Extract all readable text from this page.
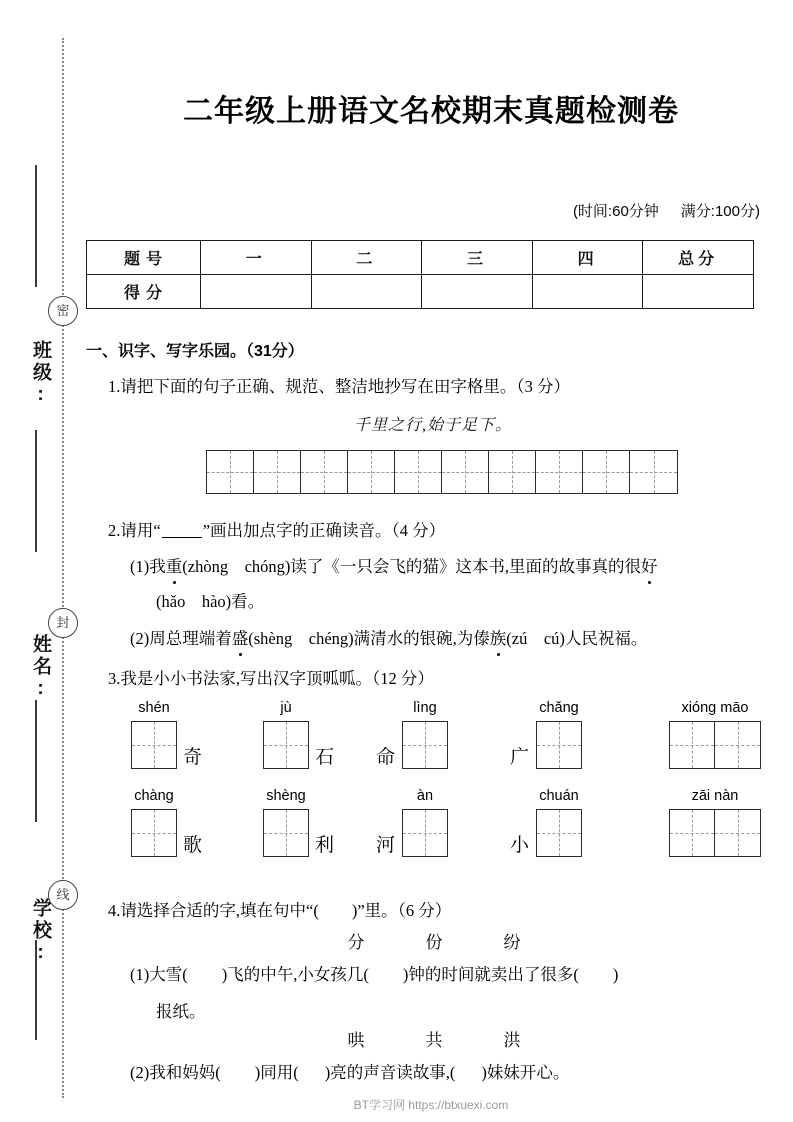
密
封
线
班级:
姓名:
学校:
二年级上册语文名校期末真题检测卷
(时间:60分钟 满分:100分)
题 号	一	二	三	四	总分
得 分					
一、识字、写字乐园。（31分）
1.请把下面的句子正确、规范、整洁地抄写在田字格里。（3 分）
千里之行,始于足下。
2.请用“	”画出加点字的正确读音。（4 分）
(1)我重(zhòng　chóng)读了《一只会飞的猫》这本书,里面的故事真的很好
(hǎo　hào)看。
(2)周总理端着盛(shèng　chéng)满清水的银碗,为傣族(zú　cú)人民祝福。
3.我是小小书法家,写出汉字顶呱呱。（12 分）
shén
奇
jù
石
lìng
命
chǎng
广
xióng māo
chàng
歌
shèng
利
àn
河
chuán
小
zāi nàn
4.请选择合适的字,填在句中“(　　)”里。（6 分）
分	份	纷
(1)大雪( )飞的中午,小女孩几( )钟的时间就卖出了很多( )
报纸。
哄	共	洪
(2)我和妈妈( )同用( )亮的声音读故事,( )妹妹开心。
BT学习网 https://btxuexi.com
